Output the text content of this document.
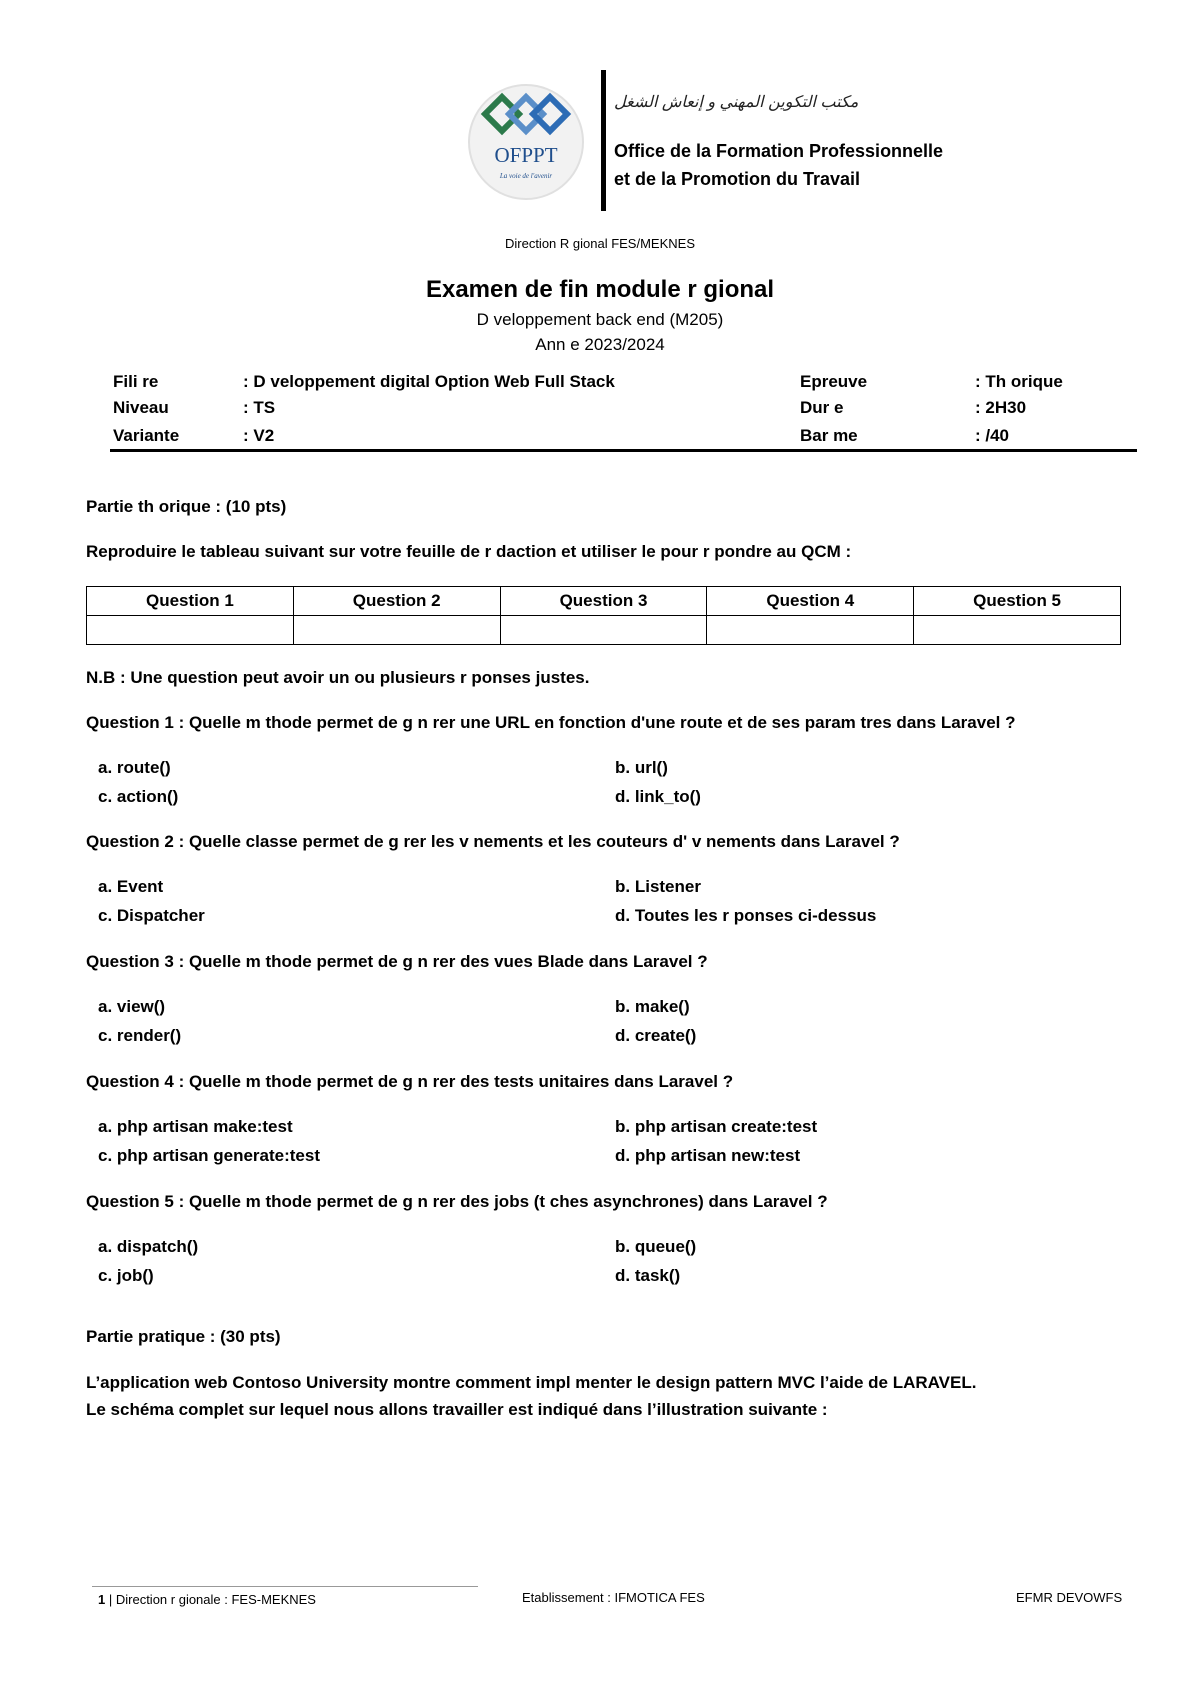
OFPPT
La voie de l'avenir
مكتب التكوين المهني و إنعاش الشغل
Office de la Formation Professionnelle
et de la Promotion du Travail
Direction R gional FES/MEKNES
Examen de fin module r gional
D veloppement back end (M205)
Ann e 2023/2024
Fili re	: D veloppement digital Option Web Full Stack	Epreuve	: Th orique
Niveau	: TS	Dur e	: 2H30
Variante	: V2	Bar me	: /40
Partie th orique : (10 pts)
Reproduire le tableau suivant sur votre feuille de r daction et utiliser le pour r pondre au QCM :
Question 1	Question 2	Question 3	Question 4	Question 5

N.B : Une question peut avoir un ou plusieurs r ponses justes.
Question 1 : Quelle m thode permet de g n rer une URL en fonction d'une route et de ses param tres dans Laravel ?
a. route()	b. url()
c. action()	d. link_to()
Question 2 : Quelle classe permet de g rer les v nements et les couteurs d' v nements dans Laravel ?
a. Event	b. Listener
c. Dispatcher	d. Toutes les r ponses ci-dessus
Question 3 : Quelle m thode permet de g n rer des vues Blade dans Laravel ?
a. view()	b. make()
c. render()	d. create()
Question 4 : Quelle m thode permet de g n rer des tests unitaires dans Laravel ?
a. php artisan make:test	b. php artisan create:test
c. php artisan generate:test	d. php artisan new:test
Question 5 : Quelle m thode permet de g n rer des jobs (t ches asynchrones) dans Laravel ?
a. dispatch()	b. queue()
c. job()	d. task()
Partie pratique : (30 pts)
L’application web Contoso University montre comment impl menter le design pattern MVC l’aide de LARAVEL.
Le schéma complet sur lequel nous allons travailler est indiqué dans l’illustration suivante :
1 | Direction r gionale : FES-MEKNES	Etablissement : IFMOTICA FES	EFMR DEVOWFS
